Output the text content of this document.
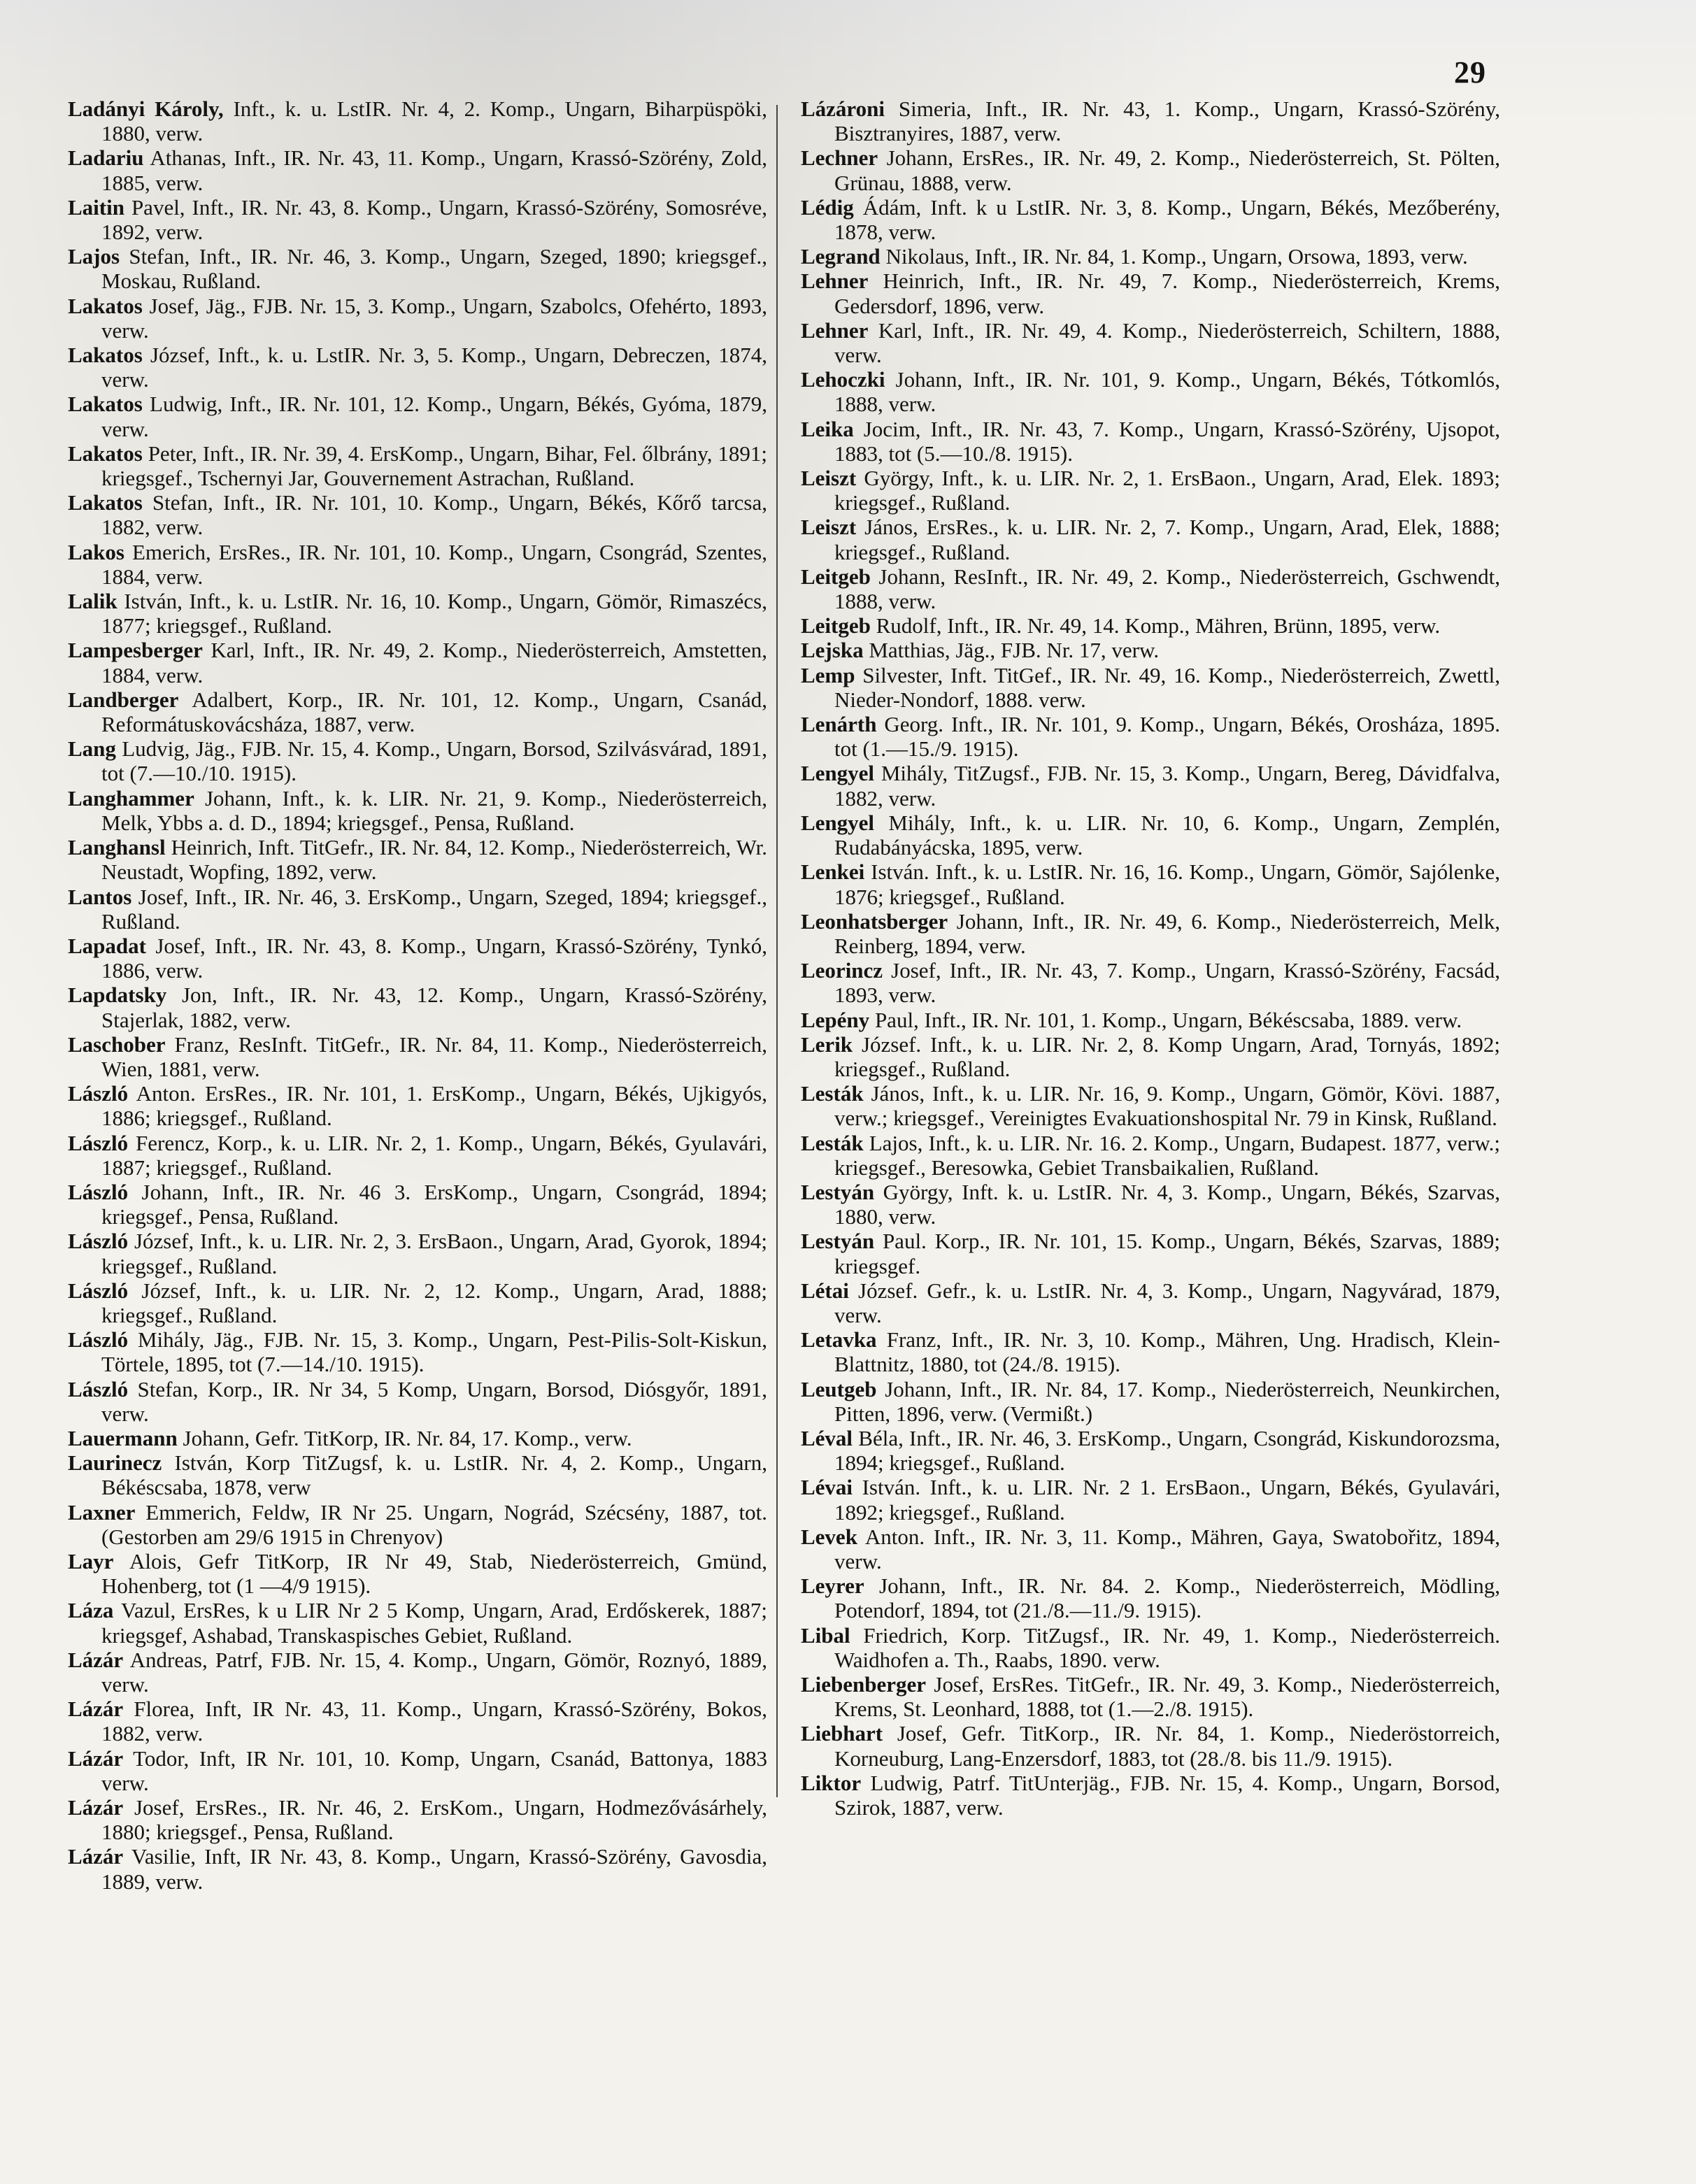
29

Ladányi Károly, Inft., k. u. LstIR. Nr. 4, 2. Komp., Ungarn, Biharpüspöki, 1880, verw.

Ladariu Athanas, Inft., IR. Nr. 43, 11. Komp., Ungarn, Krassó-Szörény, Zold, 1885, verw.

Laitin Pavel, Inft., IR. Nr. 43, 8. Komp., Ungarn, Krassó-Szörény, Somosréve, 1892, verw.

Lajos Stefan, Inft., IR. Nr. 46, 3. Komp., Ungarn, Szeged, 1890; kriegsgef., Moskau, Rußland.

Lakatos Josef, Jäg., FJB. Nr. 15, 3. Komp., Ungarn, Szabolcs, Ofehérto, 1893, verw.

Lakatos József, Inft., k. u. LstIR. Nr. 3, 5. Komp., Ungarn, Debreczen, 1874, verw.

Lakatos Ludwig, Inft., IR. Nr. 101, 12. Komp., Ungarn, Békés, Gyóma, 1879, verw.

Lakatos Peter, Inft., IR. Nr. 39, 4. ErsKomp., Ungarn, Bihar, Fel. őlbrány, 1891; kriegsgef., Tschernyi Jar, Gouvernement Astrachan, Rußland.

Lakatos Stefan, Inft., IR. Nr. 101, 10. Komp., Ungarn, Békés, Kőrő tarcsa, 1882, verw.

Lakos Emerich, ErsRes., IR. Nr. 101, 10. Komp., Ungarn, Csongrád, Szentes, 1884, verw.

Lalik István, Inft., k. u. LstIR. Nr. 16, 10. Komp., Ungarn, Gömör, Rimaszécs, 1877; kriegsgef., Rußland.

Lampesberger Karl, Inft., IR. Nr. 49, 2. Komp., Niederösterreich, Amstetten, 1884, verw.

Landberger Adalbert, Korp., IR. Nr. 101, 12. Komp., Ungarn, Csanád, Reformátuskovácsháza, 1887, verw.

Lang Ludvig, Jäg., FJB. Nr. 15, 4. Komp., Ungarn, Borsod, Szilvásvárad, 1891, tot (7.—10./10. 1915).

Langhammer Johann, Inft., k. k. LIR. Nr. 21, 9. Komp., Niederösterreich, Melk, Ybbs a. d. D., 1894; kriegsgef., Pensa, Rußland.

Langhansl Heinrich, Inft. TitGefr., IR. Nr. 84, 12. Komp., Niederösterreich, Wr. Neustadt, Wopfing, 1892, verw.

Lantos Josef, Inft., IR. Nr. 46, 3. ErsKomp., Ungarn, Szeged, 1894; kriegsgef., Rußland.

Lapadat Josef, Inft., IR. Nr. 43, 8. Komp., Ungarn, Krassó-Szörény, Tynkó, 1886, verw.

Lapdatsky Jon, Inft., IR. Nr. 43, 12. Komp., Ungarn, Krassó-Szörény, Stajerlak, 1882, verw.

Laschober Franz, ResInft. TitGefr., IR. Nr. 84, 11. Komp., Niederösterreich, Wien, 1881, verw.

László Anton. ErsRes., IR. Nr. 101, 1. ErsKomp., Ungarn, Békés, Ujkigyós, 1886; kriegsgef., Rußland.

László Ferencz, Korp., k. u. LIR. Nr. 2, 1. Komp., Ungarn, Békés, Gyulavári, 1887; kriegsgef., Rußland.

László Johann, Inft., IR. Nr. 46 3. ErsKomp., Ungarn, Csongrád, 1894; kriegsgef., Pensa, Rußland.

László József, Inft., k. u. LIR. Nr. 2, 3. ErsBaon., Ungarn, Arad, Gyorok, 1894; kriegsgef., Rußland.

László József, Inft., k. u. LIR. Nr. 2, 12. Komp., Ungarn, Arad, 1888; kriegsgef., Rußland.

László Mihály, Jäg., FJB. Nr. 15, 3. Komp., Ungarn, Pest-Pilis-Solt-Kiskun, Törtele, 1895, tot (7.—14./10. 1915).

László Stefan, Korp., IR. Nr 34, 5 Komp, Ungarn, Borsod, Diósgyőr, 1891, verw.

Lauermann Johann, Gefr. TitKorp, IR. Nr. 84, 17. Komp., verw.

Laurinecz István, Korp TitZugsf, k. u. LstIR. Nr. 4, 2. Komp., Ungarn, Békéscsaba, 1878, verw

Laxner Emmerich, Feldw, IR Nr 25. Ungarn, Nográd, Szécsény, 1887, tot. (Gestorben am 29/6 1915 in Chrenyov)

Layr Alois, Gefr TitKorp, IR Nr 49, Stab, Niederösterreich, Gmünd, Hohenberg, tot (1 —4/9 1915).

Láza Vazul, ErsRes, k u LIR Nr 2 5 Komp, Ungarn, Arad, Erdőskerek, 1887; kriegsgef, Ashabad, Transkaspisches Gebiet, Rußland.

Lázár Andreas, Patrf, FJB. Nr. 15, 4. Komp., Ungarn, Gömör, Roznyó, 1889, verw.

Lázár Florea, Inft, IR Nr. 43, 11. Komp., Ungarn, Krassó-Szörény, Bokos, 1882, verw.

Lázár Todor, Inft, IR Nr. 101, 10. Komp, Ungarn, Csanád, Battonya, 1883 verw.

Lázár Josef, ErsRes., IR. Nr. 46, 2. ErsKom., Ungarn, Hodmezővásárhely, 1880; kriegsgef., Pensa, Rußland.

Lázár Vasilie, Inft, IR Nr. 43, 8. Komp., Ungarn, Krassó-Szörény, Gavosdia, 1889, verw.

Lázároni Simeria, Inft., IR. Nr. 43, 1. Komp., Ungarn, Krassó-Szörény, Bisztranyires, 1887, verw.

Lechner Johann, ErsRes., IR. Nr. 49, 2. Komp., Niederösterreich, St. Pölten, Grünau, 1888, verw.

Lédig Ádám, Inft. k u LstIR. Nr. 3, 8. Komp., Ungarn, Békés, Mezőberény, 1878, verw.

Legrand Nikolaus, Inft., IR. Nr. 84, 1. Komp., Ungarn, Orsowa, 1893, verw.

Lehner Heinrich, Inft., IR. Nr. 49, 7. Komp., Niederösterreich, Krems, Gedersdorf, 1896, verw.

Lehner Karl, Inft., IR. Nr. 49, 4. Komp., Niederösterreich, Schiltern, 1888, verw.

Lehoczki Johann, Inft., IR. Nr. 101, 9. Komp., Ungarn, Békés, Tótkomlós, 1888, verw.

Leika Jocim, Inft., IR. Nr. 43, 7. Komp., Ungarn, Krassó-Szörény, Ujsopot, 1883, tot (5.—10./8. 1915).

Leiszt György, Inft., k. u. LIR. Nr. 2, 1. ErsBaon., Ungarn, Arad, Elek. 1893; kriegsgef., Rußland.

Leiszt János, ErsRes., k. u. LIR. Nr. 2, 7. Komp., Ungarn, Arad, Elek, 1888; kriegsgef., Rußland.

Leitgeb Johann, ResInft., IR. Nr. 49, 2. Komp., Niederösterreich, Gschwendt, 1888, verw.

Leitgeb Rudolf, Inft., IR. Nr. 49, 14. Komp., Mähren, Brünn, 1895, verw.

Lejska Matthias, Jäg., FJB. Nr. 17, verw.

Lemp Silvester, Inft. TitGef., IR. Nr. 49, 16. Komp., Niederösterreich, Zwettl, Nieder-Nondorf, 1888. verw.

Lenárth Georg. Inft., IR. Nr. 101, 9. Komp., Ungarn, Békés, Orosháza, 1895. tot (1.—15./9. 1915).

Lengyel Mihály, TitZugsf., FJB. Nr. 15, 3. Komp., Ungarn, Bereg, Dávidfalva, 1882, verw.

Lengyel Mihály, Inft., k. u. LIR. Nr. 10, 6. Komp., Ungarn, Zemplén, Rudabányácska, 1895, verw.

Lenkei István. Inft., k. u. LstIR. Nr. 16, 16. Komp., Ungarn, Gömör, Sajólenke, 1876; kriegsgef., Rußland.

Leonhatsberger Johann, Inft., IR. Nr. 49, 6. Komp., Niederösterreich, Melk, Reinberg, 1894, verw.

Leorincz Josef, Inft., IR. Nr. 43, 7. Komp., Ungarn, Krassó-Szörény, Facsád, 1893, verw.

Lepény Paul, Inft., IR. Nr. 101, 1. Komp., Ungarn, Békéscsaba, 1889. verw.

Lerik József. Inft., k. u. LIR. Nr. 2, 8. Komp Ungarn, Arad, Tornyás, 1892; kriegsgef., Rußland.

Lesták János, Inft., k. u. LIR. Nr. 16, 9. Komp., Ungarn, Gömör, Kövi. 1887, verw.; kriegsgef., Vereinigtes Evakuationshospital Nr. 79 in Kinsk, Rußland.

Lesták Lajos, Inft., k. u. LIR. Nr. 16. 2. Komp., Ungarn, Budapest. 1877, verw.; kriegsgef., Beresowka, Gebiet Transbaikalien, Rußland.

Lestyán György, Inft. k. u. LstIR. Nr. 4, 3. Komp., Ungarn, Békés, Szarvas, 1880, verw.

Lestyán Paul. Korp., IR. Nr. 101, 15. Komp., Ungarn, Békés, Szarvas, 1889; kriegsgef.

Létai József. Gefr., k. u. LstIR. Nr. 4, 3. Komp., Ungarn, Nagyvárad, 1879, verw.

Letavka Franz, Inft., IR. Nr. 3, 10. Komp., Mähren, Ung. Hradisch, Klein-Blattnitz, 1880, tot (24./8. 1915).

Leutgeb Johann, Inft., IR. Nr. 84, 17. Komp., Niederösterreich, Neunkirchen, Pitten, 1896, verw. (Vermißt.)

Léval Béla, Inft., IR. Nr. 46, 3. ErsKomp., Ungarn, Csongrád, Kiskundorozsma, 1894; kriegsgef., Rußland.

Lévai István. Inft., k. u. LIR. Nr. 2 1. ErsBaon., Ungarn, Békés, Gyulavári, 1892; kriegsgef., Rußland.

Levek Anton. Inft., IR. Nr. 3, 11. Komp., Mähren, Gaya, Swatobořitz, 1894, verw.

Leyrer Johann, Inft., IR. Nr. 84. 2. Komp., Niederösterreich, Mödling, Potendorf, 1894, tot (21./8.—11./9. 1915).

Libal Friedrich, Korp. TitZugsf., IR. Nr. 49, 1. Komp., Niederösterreich. Waidhofen a. Th., Raabs, 1890. verw.

Liebenberger Josef, ErsRes. TitGefr., IR. Nr. 49, 3. Komp., Niederösterreich, Krems, St. Leonhard, 1888, tot (1.—2./8. 1915).

Liebhart Josef, Gefr. TitKorp., IR. Nr. 84, 1. Komp., Niederöstorreich, Korneuburg, Lang-Enzersdorf, 1883, tot (28./8. bis 11./9. 1915).

Liktor Ludwig, Patrf. TitUnterjäg., FJB. Nr. 15, 4. Komp., Ungarn, Borsod, Szirok, 1887, verw.
